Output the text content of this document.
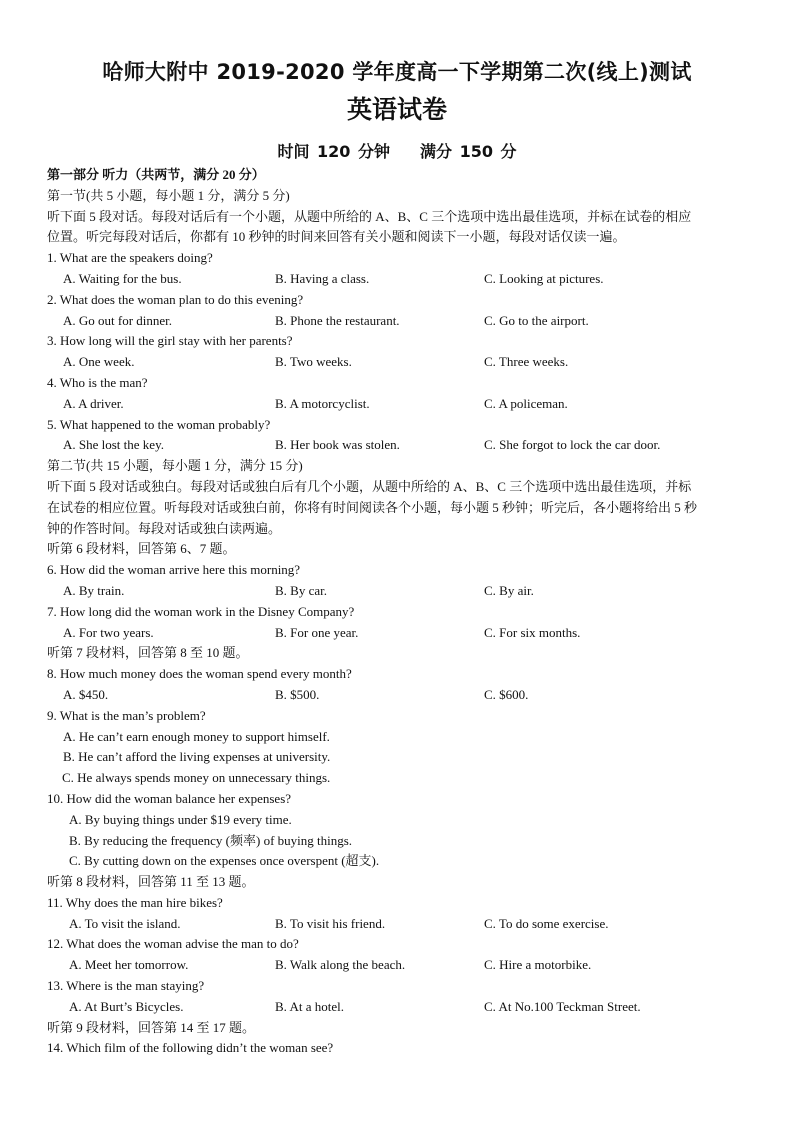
哈师大附中 2019-2020 学年度高一下学期第二次(线上)测试
英语试卷
时间 120 分钟 满分 150 分
第一部分 听力（共两节，满分 20 分）
第一节(共 5 小题，每小题 1 分，满分 5 分)
听下面 5 段对话。每段对话后有一个小题，从题中所给的 A、B、C 三个选项中选出最佳选项，并标在试卷的相应
位置。听完每段对话后，你都有 10 秒钟的时间来回答有关小题和阅读下一小题，每段对话仅读一遍。
1. What are the speakers doing?
A. Waiting for the bus.	B. Having a class.	C. Looking at pictures.
2. What does the woman plan to do this evening?
A. Go out for dinner.	B. Phone the restaurant.	C. Go to the airport.
3. How long will the girl stay with her parents?
A. One week.	B. Two weeks.	C. Three weeks.
4. Who is the man?
A. A driver.	B. A motorcyclist.	C. A policeman.
5. What happened to the woman probably?
A. She lost the key.	B. Her book was stolen.	C. She forgot to lock the car door.
第二节(共 15 小题，每小题 1 分，满分 15 分)
听下面 5 段对话或独白。每段对话或独白后有几个小题，从题中所给的 A、B、C 三个选项中选出最佳选项，并标
在试卷的相应位置。听每段对话或独白前，你将有时间阅读各个小题，每小题 5 秒钟；听完后，各小题将给出 5 秒
钟的作答时间。每段对话或独白读两遍。
听第 6 段材料，回答第 6、7 题。
6. How did the woman arrive here this morning?
A. By train.	B. By car.	C. By air.
7. How long did the woman work in the Disney Company?
A. For two years.	B. For one year.	C. For six months.
听第 7 段材料，回答第 8 至 10 题。
8. How much money does the woman spend every month?
A. $450.	B. $500.	C. $600.
9. What is the man’s problem?
A. He can’t earn enough money to support himself.
B. He can’t afford the living expenses at university.
C. He always spends money on unnecessary things.
10. How did the woman balance her expenses?
A. By buying things under $19 every time.
B. By reducing the frequency (频率) of buying things.
C. By cutting down on the expenses once overspent (超支).
听第 8 段材料，回答第 11 至 13 题。
11. Why does the man hire bikes?
A. To visit the island.	B. To visit his friend.	C. To do some exercise.
12. What does the woman advise the man to do?
A. Meet her tomorrow.	B. Walk along the beach.	C. Hire a motorbike.
13. Where is the man staying?
A. At Burt’s Bicycles.	B. At a hotel.	C. At No.100 Teckman Street.
听第 9 段材料，回答第 14 至 17 题。
14. Which film of the following didn’t the woman see?
